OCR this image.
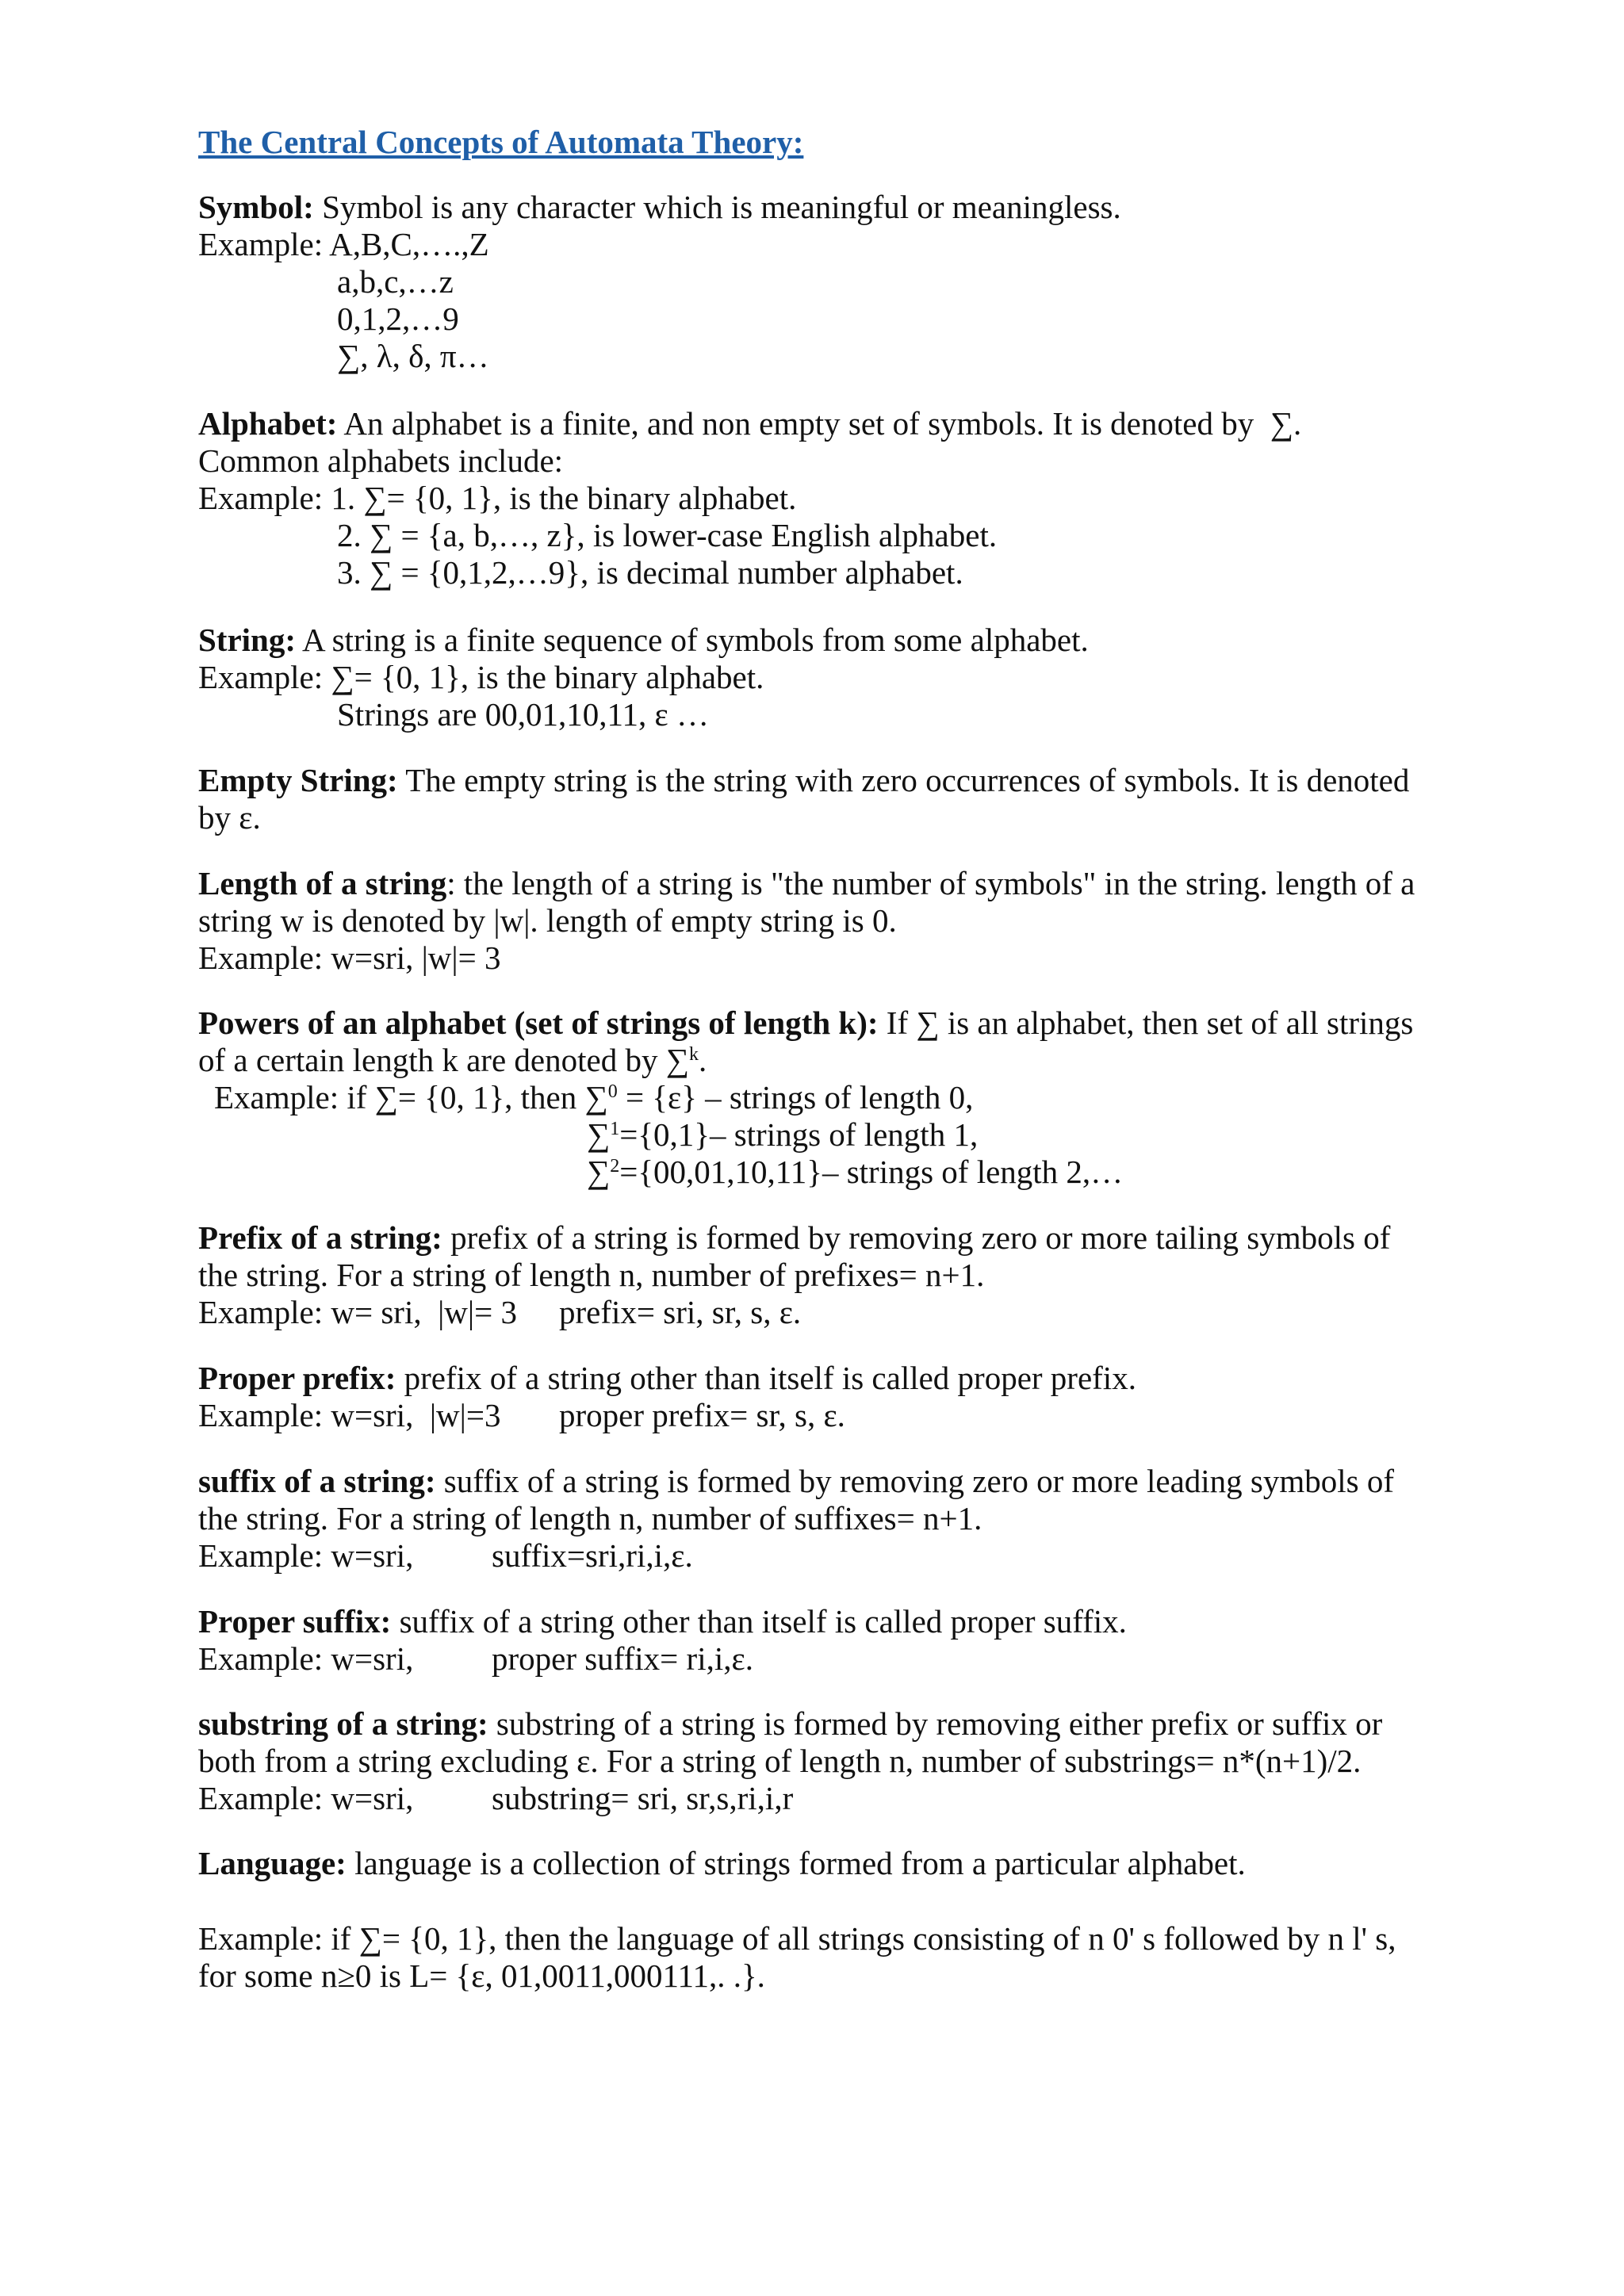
The Central Concepts of Automata Theory:
Symbol: Symbol is any character which is meaningful or meaningless.
Example: A,B,C,….,Z
a,b,c,…z
0,1,2,…9
∑, λ, δ, π…
Alphabet: An alphabet is a finite, and non empty set of symbols. It is denoted by  ∑.
Common alphabets include:
Example: 1. ∑= {0, 1}, is the binary alphabet.
2. ∑ = {a, b,…, z}, is lower-case English alphabet.
3. ∑ = {0,1,2,…9}, is decimal number alphabet.
String: A string is a finite sequence of symbols from some alphabet.
Example: ∑= {0, 1}, is the binary alphabet.
Strings are 00,01,10,11, ε …
Empty String: The empty string is the string with zero occurrences of symbols. It is denoted
by ε.
Length of a string: the length of a string is "the number of symbols" in the string. length of a
string w is denoted by |w|. length of empty string is 0.
Example: w=sri, |w|= 3
Powers of an alphabet (set of strings of length k): If ∑ is an alphabet, then set of all strings
of a certain length k are denoted by ∑$^k$.
Example: if ∑= {0, 1}, then ∑$^0$ = {ε} – strings of length 0,
∑$^1$={0,1}– strings of length 1,
∑$^2$={00,01,10,11}– strings of length 2,…
Prefix of a string: prefix of a string is formed by removing zero or more tailing symbols of
the string. For a string of length n, number of prefixes= n+1.
Example: w= sri,  |w|= 3 prefix= sri, sr, s, ε.
Proper prefix: prefix of a string other than itself is called proper prefix.
Example: w=sri,  |w|=3 proper prefix= sr, s, ε.
suffix of a string: suffix of a string is formed by removing zero or more leading symbols of
the string. For a string of length n, number of suffixes= n+1.
Example: w=sri, suffix=sri,ri,i,ε.
Proper suffix: suffix of a string other than itself is called proper suffix.
Example: w=sri, proper suffix= ri,i,ε.
substring of a string: substring of a string is formed by removing either prefix or suffix or
both from a string excluding ε. For a string of length n, number of substrings= n*(n+1)/2.
Example: w=sri, substring= sri, sr,s,ri,i,r
Language: language is a collection of strings formed from a particular alphabet.
Example: if ∑= {0, 1}, then the language of all strings consisting of n 0' s followed by n l' s,
for some n≥0 is L= {ε, 01,0011,000111,. .}.
